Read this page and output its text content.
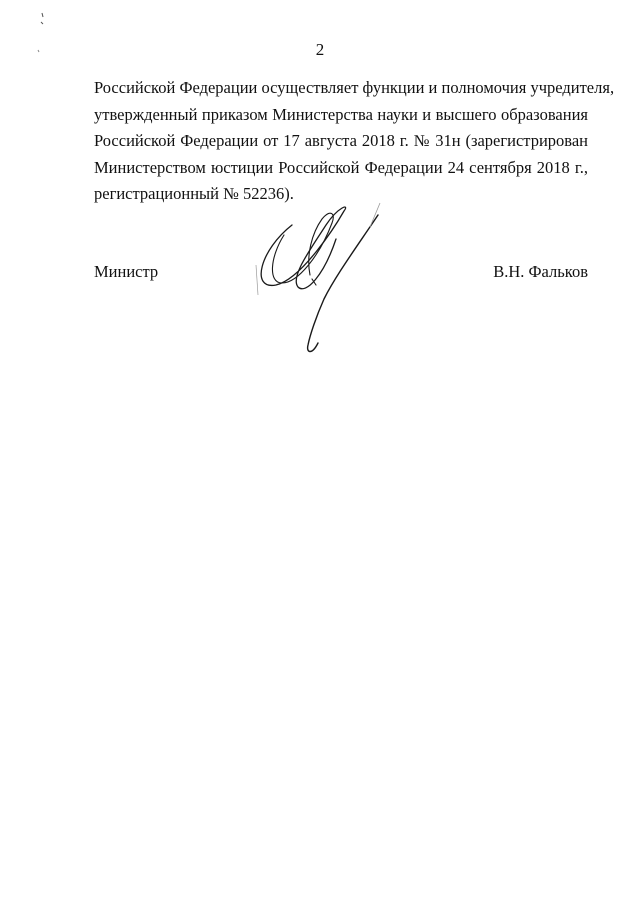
2
Российской Федерации осуществляет функции и полномочия учредителя,
утвержденный приказом Министерства науки и высшего образования
Российской Федерации от 17 августа 2018 г. № 31н (зарегистрирован
Министерством юстиции Российской Федерации 24 сентября 2018 г.,
регистрационный № 52236).
Министр	В.Н. Фальков
